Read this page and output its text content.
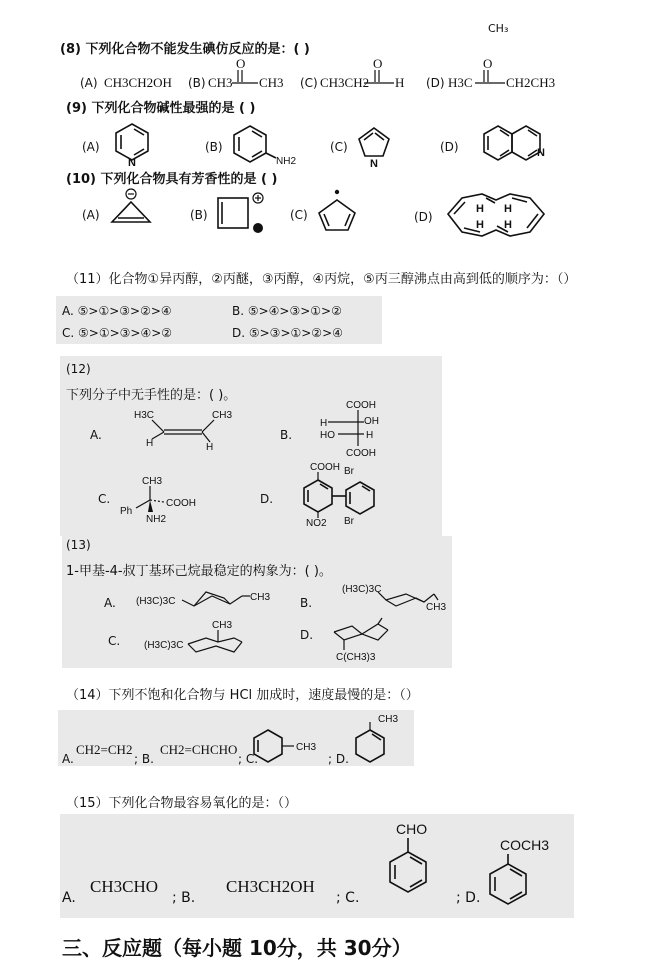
(8) 下列化合物不能发生碘仿反应的是：( )
CH₃
(A) CH3CH2OH (B) CH3 CH3
O
(C) CH3CH2 H
O
(D) H3C	CH2CH3
O
(9) 下列化合物碱性最强的是 ( )
(A)
N
(B)
NH2
(C)
N
(D)	N
(10) 下列化合物具有芳香性的是 ( )
(A)	(B)	(C)	(D)
H H
H H
（11）化合物①异丙醇，②丙醚，③丙醇，④丙烷，⑤丙三醇沸点由高到低的顺序为：（）
A. ⑤>①>③>②>④	B. ⑤>④>③>①>②
C. ⑤>①>③>④>②	D. ⑤>③>①>②>④
(12)
下列分子中无手性的是：( )。
A.
H3C
H
CH3
H
B.
COOH
H	OH
HO	H
COOH
C.
CH3
COOH
Ph
NH2
D.
COOH Br
Br
NO2
(13)
1-甲基-4-叔丁基环己烷最稳定的构象为：( )。
A. (H3C)3C	CH3 B.
(H3C)3C
CH3
C.
CH3
(H3C)3C
D.
C(CH3)3
（14）下列不饱和化合物与 HCl 加成时，速度最慢的是：（）
A.
CH2=CH2
; B.
CH2=CHCHO
; C.
CH3
; D.
CH3
（15）下列化合物最容易氧化的是：（）
A.
CH3CHO
; B.
CH3CH2OH
; C.
CHO
; D.
COCH3
三、反应题（每小题 10分，共 30分）
